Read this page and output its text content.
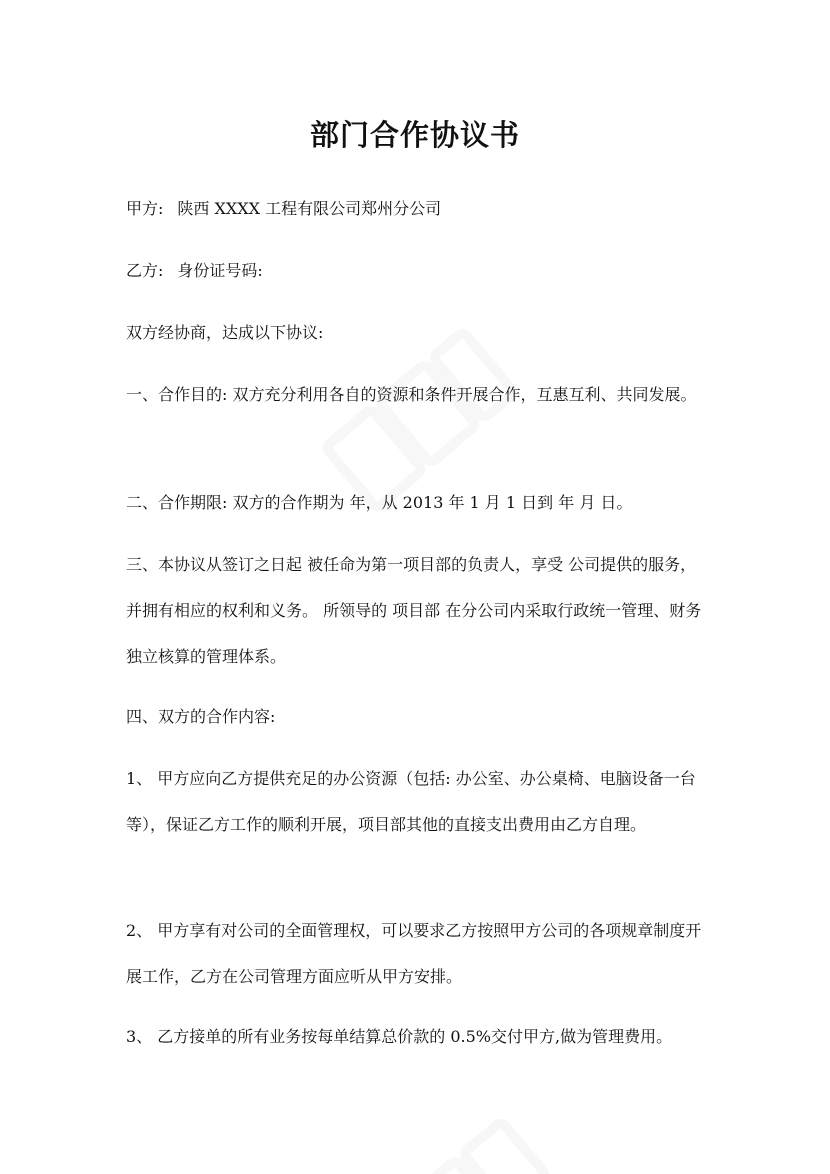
部门合作协议书

甲方: 陕西 XXXX 工程有限公司郑州分公司

乙方: 身份证号码:

双方经协商，达成以下协议:

一、合作目的: 双方充分利用各自的资源和条件开展合作，互惠互利、共同发展。

二、合作期限: 双方的合作期为 年，从 2013 年 1 月 1 日到 年 月 日。

三、本协议从签订之日起 被任命为第一项目部的负责人，享受 公司提供的服务，并拥有相应的权利和义务。 所领导的 项目部 在分公司内采取行政统一管理、财务独立核算的管理体系。

四、双方的合作内容:

1、 甲方应向乙方提供充足的办公资源（包括: 办公室、办公桌椅、电脑设备一台等），保证乙方工作的顺利开展，项目部其他的直接支出费用由乙方自理。

2、 甲方享有对公司的全面管理权，可以要求乙方按照甲方公司的各项规章制度开展工作，乙方在公司管理方面应听从甲方安排。

3、 乙方接单的所有业务按每单结算总价款的 0.5%交付甲方,做为管理费用。
